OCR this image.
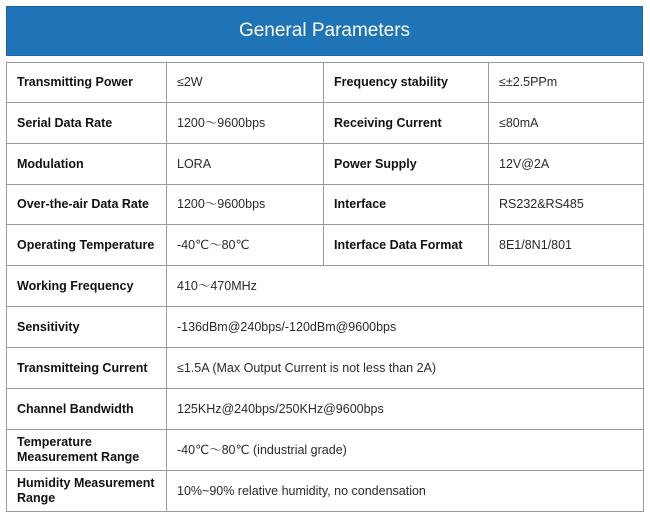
General Parameters
Transmitting Power	≤2W	Frequency stability	≤±2.5PPm
Serial Data Rate	1200～9600bps	Receiving Current	≤80mA
Modulation	LORA	Power Supply	12V@2A
Over-the-air Data Rate	1200～9600bps	Interface	RS232&RS485
Operating Temperature	-40℃～80℃	Interface Data Format	8E1/8N1/801
Working Frequency	410～470MHz		
Sensitivity	-136dBm@240bps/-120dBm@9600bps		
Transmitteing Current	≤1.5A (Max Output Current is not less than 2A)		
Channel Bandwidth	125KHz@240bps/250KHz@9600bps		
Temperature Measurement Range	-40℃～80℃ (industrial grade)		
Humidity Measurement Range	10%~90% relative humidity, no condensation		
